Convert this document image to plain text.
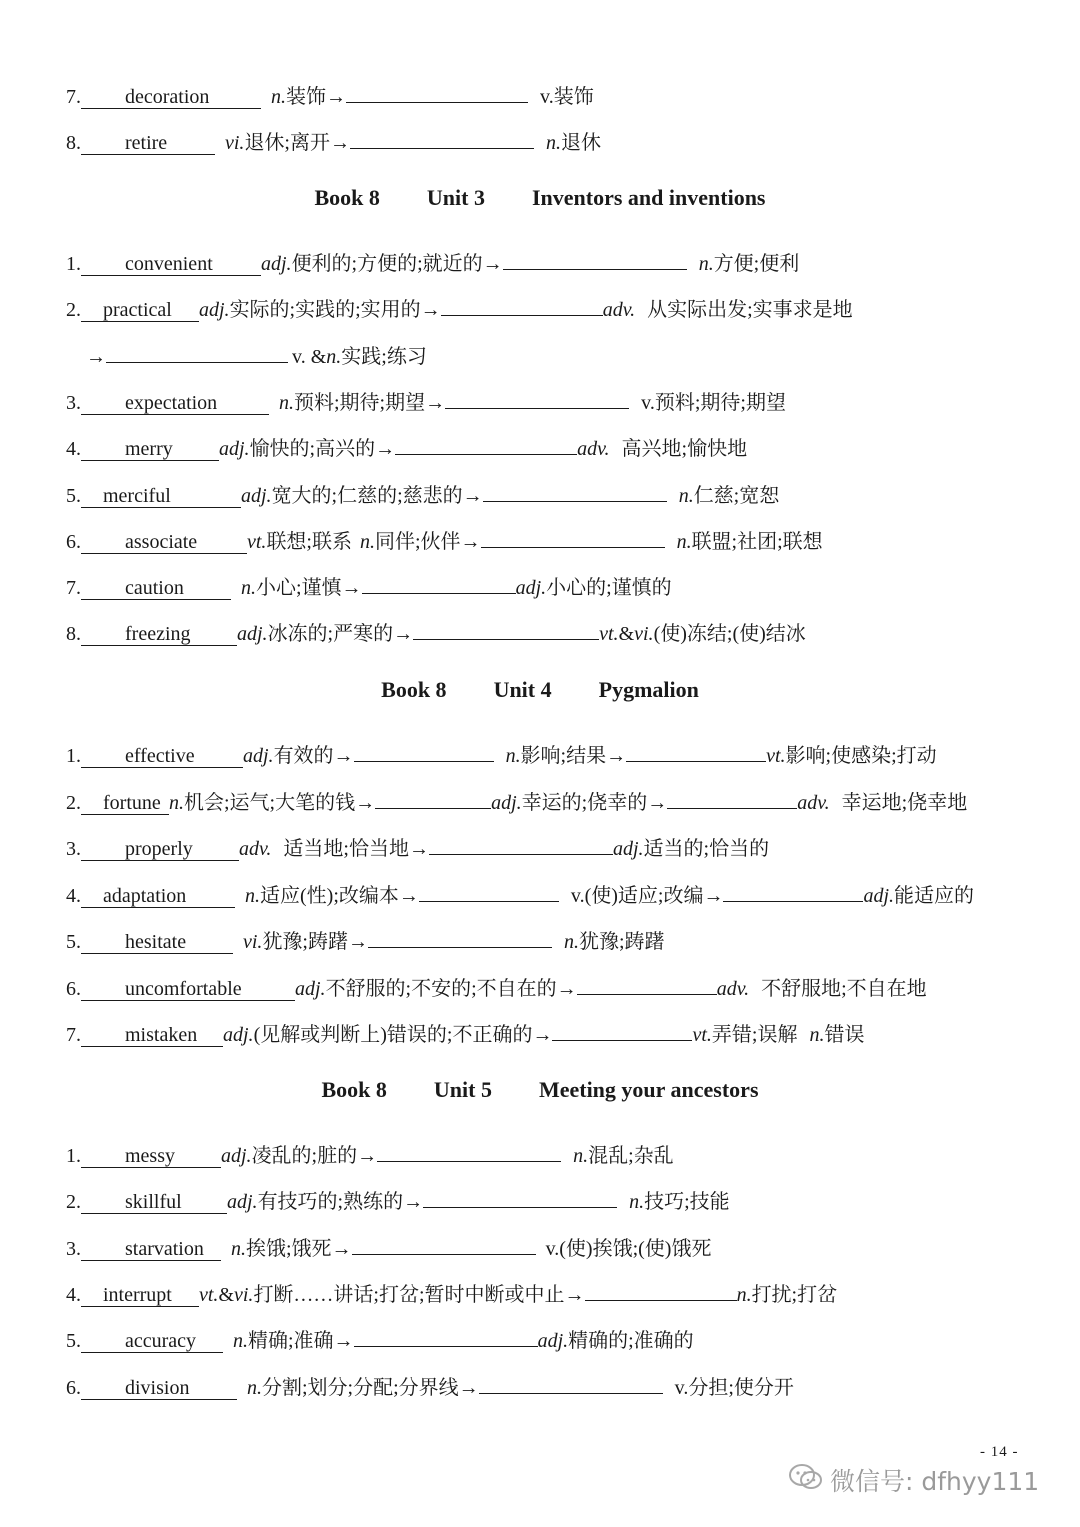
7.	decoration	n. 装饰→	v.装饰
8.	retire	vi. 退休;离开→	n. 退休
Book 8 Unit 3 Inventors and inventions
1.	convenient	adj. 便利的;方便的;就近的→	n. 方便;便利
2.	practical	adj. 实际的;实践的;实用的→	adv. 从实际出发;实事求是地
→	v. & n. 实践;练习
3.	expectation	n. 预料;期待;期望→	v.预料;期待;期望
4.	merry	adj. 愉快的;高兴的→	adv. 高兴地;愉快地
5.	merciful	adj. 宽大的;仁慈的;慈悲的→	n. 仁慈;宽恕
6.	associate	vt. 联想;联系 n. 同伴;伙伴→	n. 联盟;社团;联想
7.	caution	n. 小心;谨慎→	adj. 小心的;谨慎的
8.	freezing	adj. 冰冻的;严寒的→	vt. & vi. (使)冻结;(使)结冰
Book 8 Unit 4 Pygmalion
1.	effective	adj. 有效的→	n. 影响;结果→	vt. 影响;使感染;打动
2.	fortune n. 机会;运气;大笔的钱→	adj. 幸运的;侥幸的→	adv. 幸运地;侥幸地
3.	properly	adv. 适当地;恰当地→	adj. 适当的;恰当的
4.	adaptation	n. 适应(性);改编本→	v.(使)适应;改编→	adj. 能适应的
5.	hesitate	vi. 犹豫;踌躇→	n. 犹豫;踌躇
6.	uncomfortable	adj. 不舒服的;不安的;不自在的→	adv. 不舒服地;不自在地
7.	mistaken	adj. (见解或判断上)错误的;不正确的→	vt. 弄错;误解 n. 错误
Book 8 Unit 5 Meeting your ancestors
1.	messy	adj. 凌乱的;脏的→	n. 混乱;杂乱
2.	skillful	adj. 有技巧的;熟练的→	n. 技巧;技能
3.	starvation	n. 挨饿;饿死→	v.(使)挨饿;(使)饿死
4.	interrupt	vt. & vi. 打断……讲话;打岔;暂时中断或中止→	n. 打扰;打岔
5.	accuracy	n. 精确;准确→	adj. 精确的;准确的
6.	division	n. 分割;划分;分配;分界线→	v.分担;使分开
- 14 -
微信号: dfhyy111
